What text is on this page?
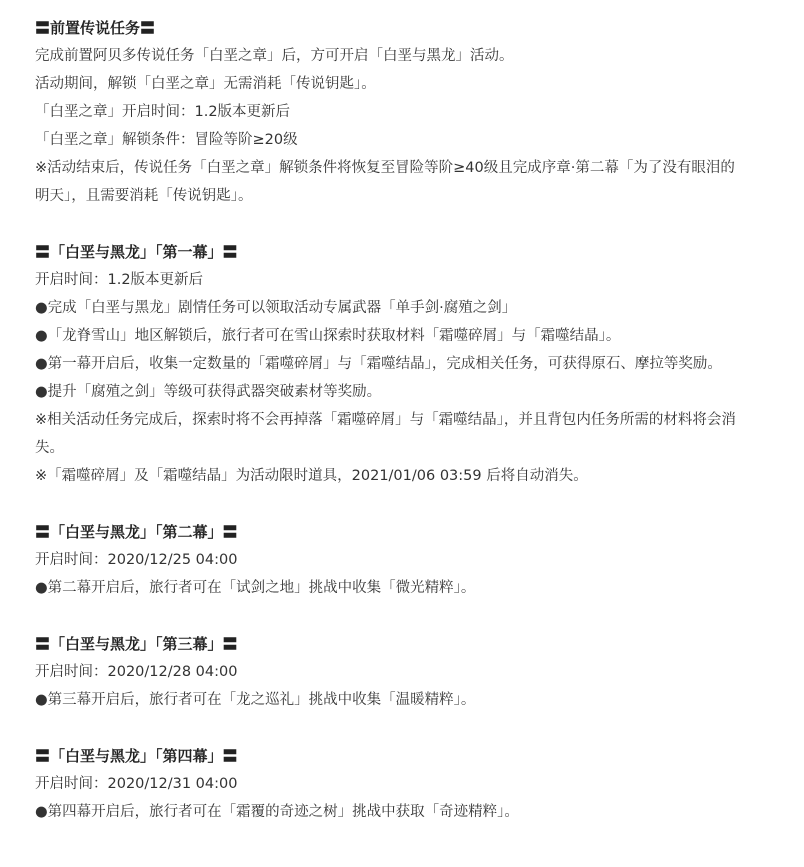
〓前置传说任务〓
完成前置阿贝多传说任务「白垩之章」后，方可开启「白垩与黑龙」活动。
活动期间，解锁「白垩之章」无需消耗「传说钥匙」。
「白垩之章」开启时间：1.2版本更新后
「白垩之章」解锁条件：冒险等阶≥20级
※活动结束后，传说任务「白垩之章」解锁条件将恢复至冒险等阶≥40级且完成序章·第二幕「为了没有眼泪的明天」，且需要消耗「传说钥匙」。
〓「白垩与黑龙」「第一幕」〓
开启时间：1.2版本更新后
●完成「白垩与黑龙」剧情任务可以领取活动专属武器「单手剑·腐殖之剑」
●「龙脊雪山」地区解锁后，旅行者可在雪山探索时获取材料「霜噬碎屑」与「霜噬结晶」。
●第一幕开启后，收集一定数量的「霜噬碎屑」与「霜噬结晶」，完成相关任务，可获得原石、摩拉等奖励。
●提升「腐殖之剑」等级可获得武器突破素材等奖励。
※相关活动任务完成后，探索时将不会再掉落「霜噬碎屑」与「霜噬结晶」，并且背包内任务所需的材料将会消失。
※「霜噬碎屑」及「霜噬结晶」为活动限时道具，2021/01/06 03:59 后将自动消失。
〓「白垩与黑龙」「第二幕」〓
开启时间：2020/12/25 04:00
●第二幕开启后，旅行者可在「试剑之地」挑战中收集「微光精粹」。
〓「白垩与黑龙」「第三幕」〓
开启时间：2020/12/28 04:00
●第三幕开启后，旅行者可在「龙之巡礼」挑战中收集「温暖精粹」。
〓「白垩与黑龙」「第四幕」〓
开启时间：2020/12/31 04:00
●第四幕开启后，旅行者可在「霜覆的奇迹之树」挑战中获取「奇迹精粹」。
